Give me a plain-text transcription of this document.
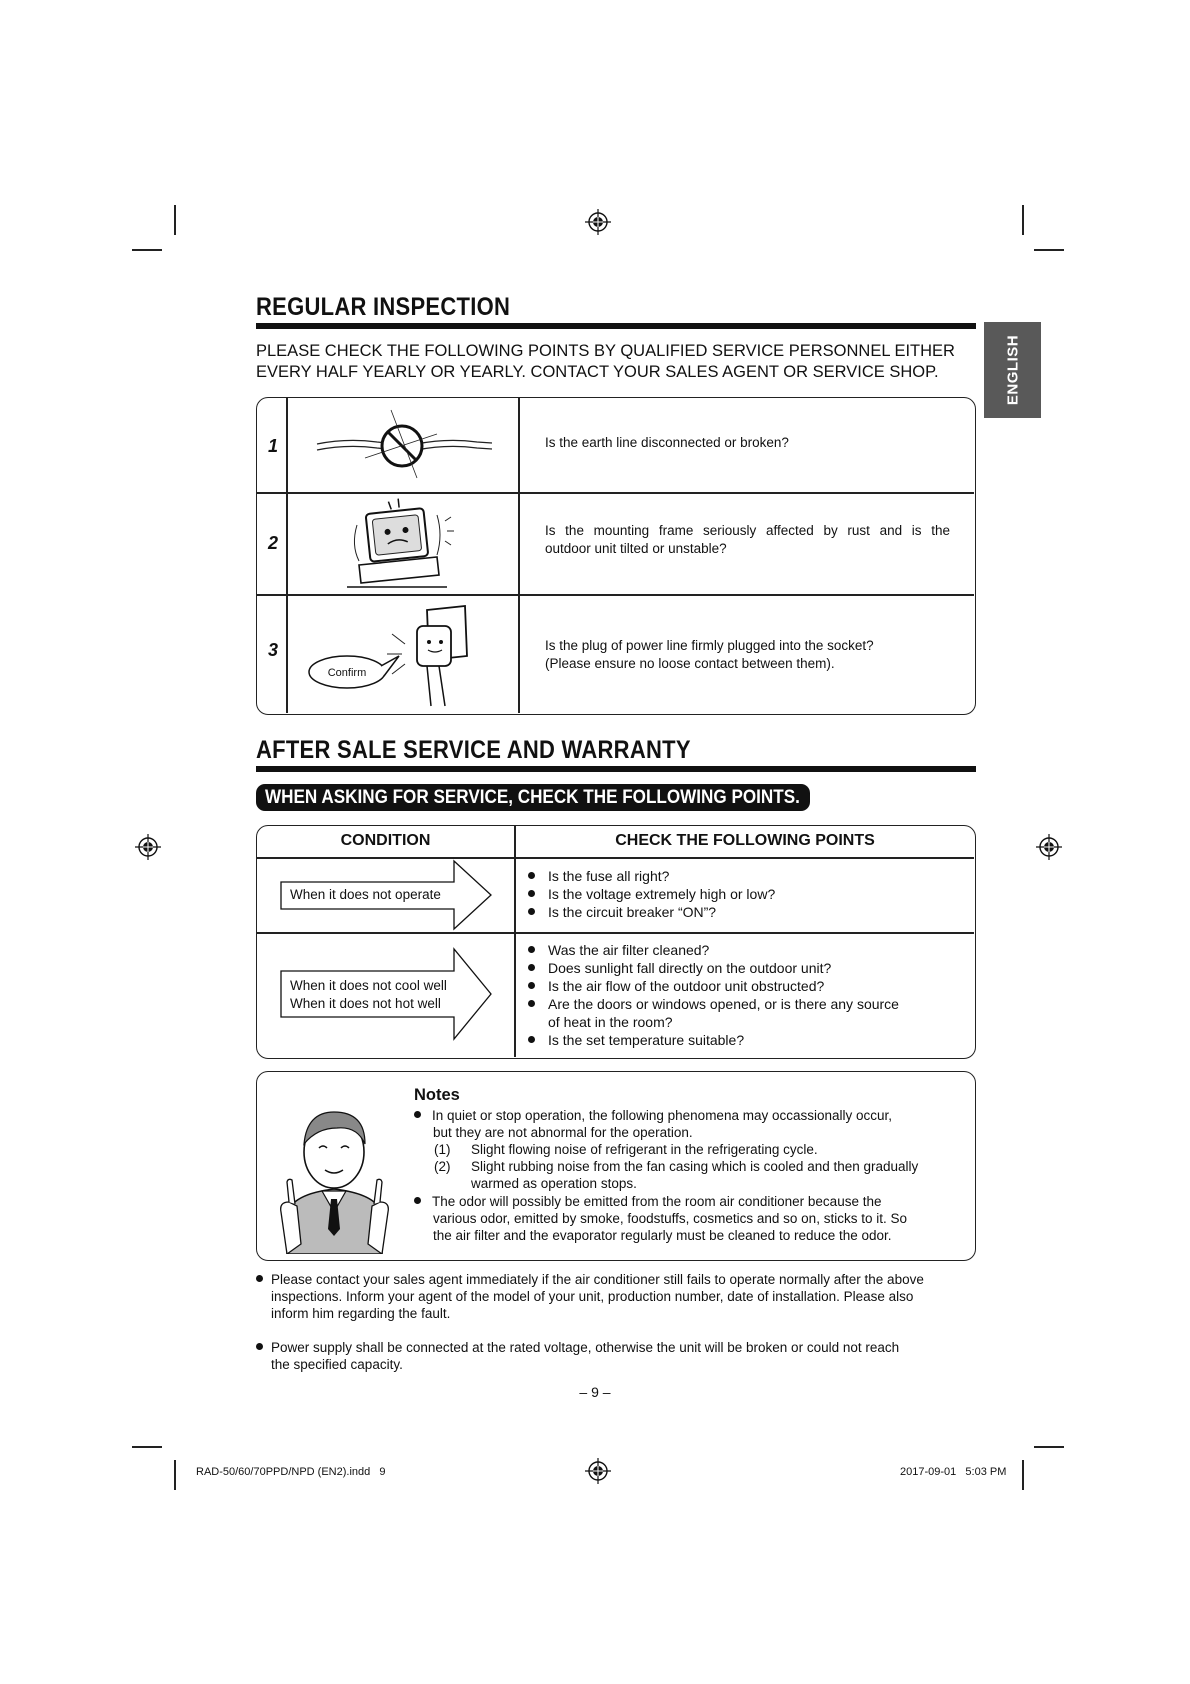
ENGLISH
REGULAR INSPECTION
PLEASE CHECK THE FOLLOWING POINTS BY QUALIFIED SERVICE PERSONNEL EITHER
EVERY HALF YEARLY OR YEARLY. CONTACT YOUR SALES AGENT OR SERVICE SHOP.
1
2
3
Confirm
Is the earth line disconnected or broken?
Is the mounting frame seriously affected by rust and is the
outdoor unit tilted or unstable?
Is the plug of power line firmly plugged into the socket?
(Please ensure no loose contact between them).
AFTER SALE SERVICE AND WARRANTY
WHEN ASKING FOR SERVICE, CHECK THE FOLLOWING POINTS.
CONDITION	CHECK THE FOLLOWING POINTS
When it does not operate
When it does not cool well
When it does not hot well
Is the fuse all right?
Is the voltage extremely high or low?
Is the circuit breaker “ON”?
Was the air filter cleaned?
Does sunlight fall directly on the outdoor unit?
Is the air flow of the outdoor unit obstructed?
Are the doors or windows opened, or is there any source
of heat in the room?
Is the set temperature suitable?
Notes
In quiet or stop operation, the following phenomena may occassionally occur,
but they are not abnormal for the operation.
(1) Slight flowing noise of refrigerant in the refrigerating cycle.
(2) Slight rubbing noise from the fan casing which is cooled and then gradually
warmed as operation stops.
The odor will possibly be emitted from the room air conditioner because the
various odor, emitted by smoke, foodstuffs, cosmetics and so on, sticks to it. So
the air filter and the evaporator regularly must be cleaned to reduce the odor.
Please contact your sales agent immediately if the air conditioner still fails to operate normally after the above
inspections. Inform your agent of the model of your unit, production number, date of installation. Please also
inform him regarding the fault.
Power supply shall be connected at the rated voltage, otherwise the unit will be broken or could not reach
the specified capacity.
– 9 –
RAD-50/60/70PPD/NPD (EN2).indd   9	2017-09-01   5:03 PM
